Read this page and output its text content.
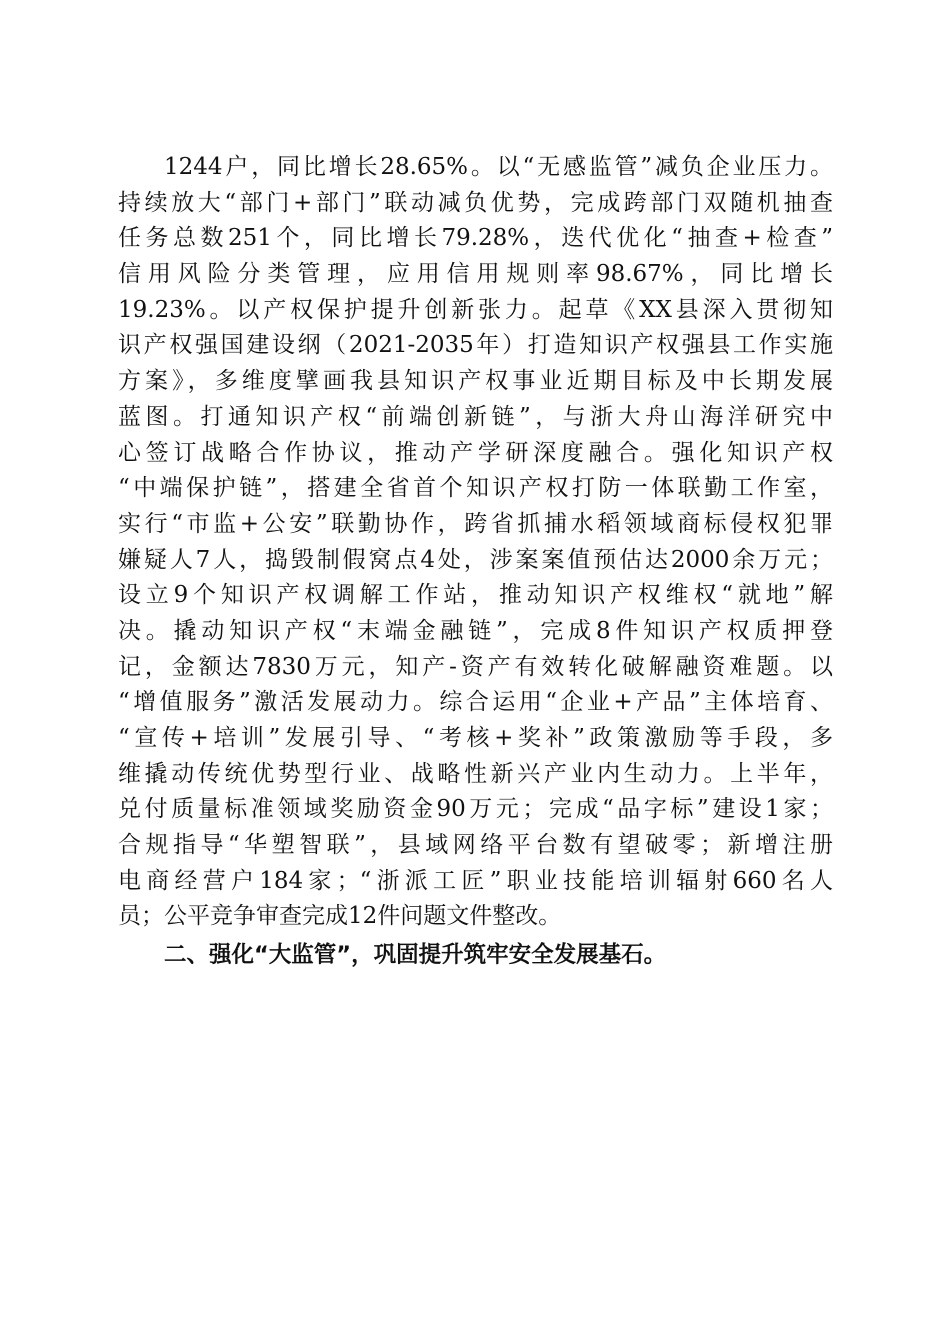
1244户，同比增长28.65%。以“无感监管”减负企业压力。
持续放大“部门+部门”联动减负优势，完成跨部门双随机抽查
任务总数251个，同比增长79.28%，迭代优化“抽查+检查”
信用风险分类管理，应用信用规则率98.67%，同比增长
19.23%。以产权保护提升创新张力。起草《XX县深入贯彻知
识产权强国建设纲（2021-2035年）打造知识产权强县工作实施
方案》，多维度擘画我县知识产权事业近期目标及中长期发展
蓝图。打通知识产权“前端创新链”，与浙大舟山海洋研究中
心签订战略合作协议，推动产学研深度融合。强化知识产权
“中端保护链”，搭建全省首个知识产权打防一体联勤工作室，
实行“市监+公安”联勤协作，跨省抓捕水稻领域商标侵权犯罪
嫌疑人7人，捣毁制假窝点4处，涉案案值预估达2000余万元；
设立9个知识产权调解工作站，推动知识产权维权“就地”解
决。撬动知识产权“末端金融链”，完成8件知识产权质押登
记，金额达7830万元，知产-资产有效转化破解融资难题。以
“增值服务”激活发展动力。综合运用“企业+产品”主体培育、
“宣传+培训”发展引导、“考核+奖补”政策激励等手段，多
维撬动传统优势型行业、战略性新兴产业内生动力。上半年，
兑付质量标准领域奖励资金90万元；完成“品字标”建设1家；
合规指导“华塑智联”，县域网络平台数有望破零；新增注册
电商经营户184家；“浙派工匠”职业技能培训辐射660名人
员；公平竞争审查完成12件问题文件整改。
二、强化“大监管”，巩固提升筑牢安全发展基石。
